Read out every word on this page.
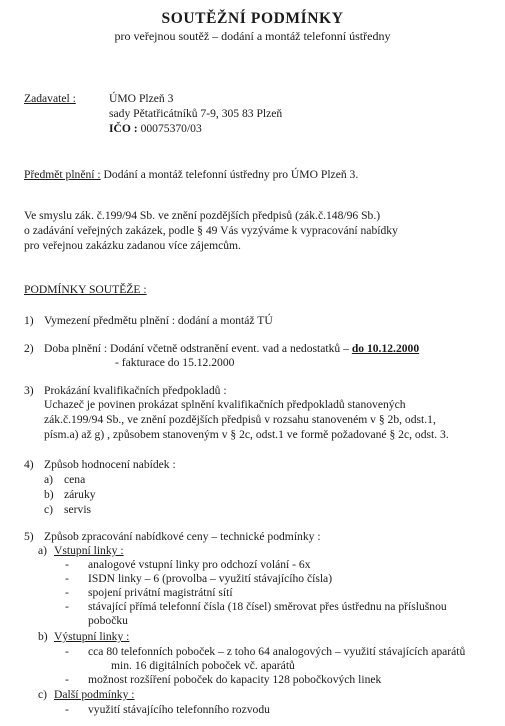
SOUTĚŽNÍ PODMÍNKY
pro veřejnou soutěž – dodání a montáž telefonní ústředny
Zadavatel :	ÚMO Plzeň 3
sady Pětatřicátníků 7-9, 305 83 Plzeň
IČO : 00075370/03
Předmět plnění : Dodání a montáž telefonní ústředny pro ÚMO Plzeň 3.
Ve smyslu zák. č.199/94 Sb. ve znění pozdějších předpisů (zák.č.148/96 Sb.)
o zadávání veřejných zakázek, podle § 49 Vás vyzýváme k vypracování nabídky
pro veřejnou zakázku zadanou více zájemcům.
PODMÍNKY SOUTĚŽE :
1) Vymezení předmětu plnění : dodání a montáž TÚ
2) Doba plnění : Dodání včetně odstranění event. vad a nedostatků – do 10.12.2000
- fakturace do 15.12.2000
3) Prokázání kvalifikačních předpokladů :
Uchazeč je povinen prokázat splnění kvalifikačních předpokladů stanovených
zák.č.199/94 Sb., ve znění pozdějších předpisů v rozsahu stanoveném v § 2b, odst.1,
písm.a) až g) , způsobem stanoveným v § 2c, odst.1 ve formě požadované § 2c, odst. 3.
4) Způsob hodnocení nabídek :
a) cena
b) záruky
c) servis
5) Způsob zpracování nabídkové ceny – technické podmínky :
a) Vstupní linky :
- analogové vstupní linky pro odchozí volání - 6x
- ISDN linky – 6 (provolba – využití stávajícího čísla)
- spojení privátní magistrátní sítí
- stávající přímá telefonní čísla (18 čísel) směrovat přes ústřednu na příslušnou
pobočku
b) Výstupní linky :
- cca 80 telefonních poboček – z toho 64 analogových – využití stávajících aparátů
min. 16 digitálních poboček vč. aparátů
- možnost rozšíření poboček do kapacity 128 pobočkových linek
c) Další podmínky :
- využití stávajícího telefonního rozvodu
